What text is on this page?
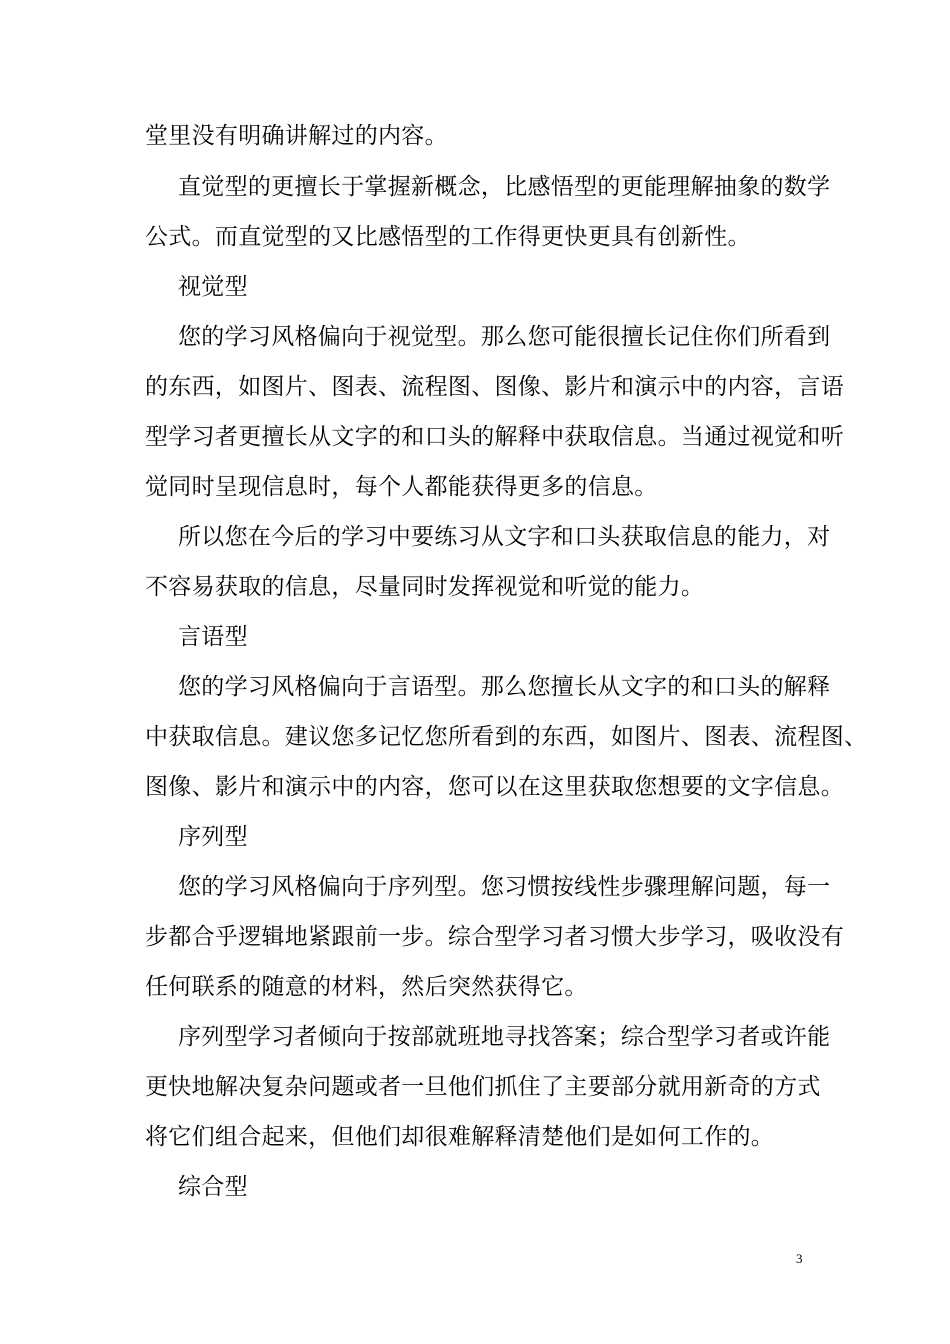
堂里没有明确讲解过的内容。
直觉型的更擅长于掌握新概念，比感悟型的更能理解抽象的数学
公式。而直觉型的又比感悟型的工作得更快更具有创新性。
视觉型
您的学习风格偏向于视觉型。那么您可能很擅长记住你们所看到
的东西，如图片、图表、流程图、图像、影片和演示中的内容，言语
型学习者更擅长从文字的和口头的解释中获取信息。当通过视觉和听
觉同时呈现信息时，每个人都能获得更多的信息。
所以您在今后的学习中要练习从文字和口头获取信息的能力，对
不容易获取的信息，尽量同时发挥视觉和听觉的能力。
言语型
您的学习风格偏向于言语型。那么您擅长从文字的和口头的解释
中获取信息。建议您多记忆您所看到的东西，如图片、图表、流程图、
图像、影片和演示中的内容，您可以在这里获取您想要的文字信息。
序列型
您的学习风格偏向于序列型。您习惯按线性步骤理解问题，每一
步都合乎逻辑地紧跟前一步。综合型学习者习惯大步学习，吸收没有
任何联系的随意的材料，然后突然获得它。
序列型学习者倾向于按部就班地寻找答案；综合型学习者或许能
更快地解决复杂问题或者一旦他们抓住了主要部分就用新奇的方式
将它们组合起来，但他们却很难解释清楚他们是如何工作的。
综合型
3
